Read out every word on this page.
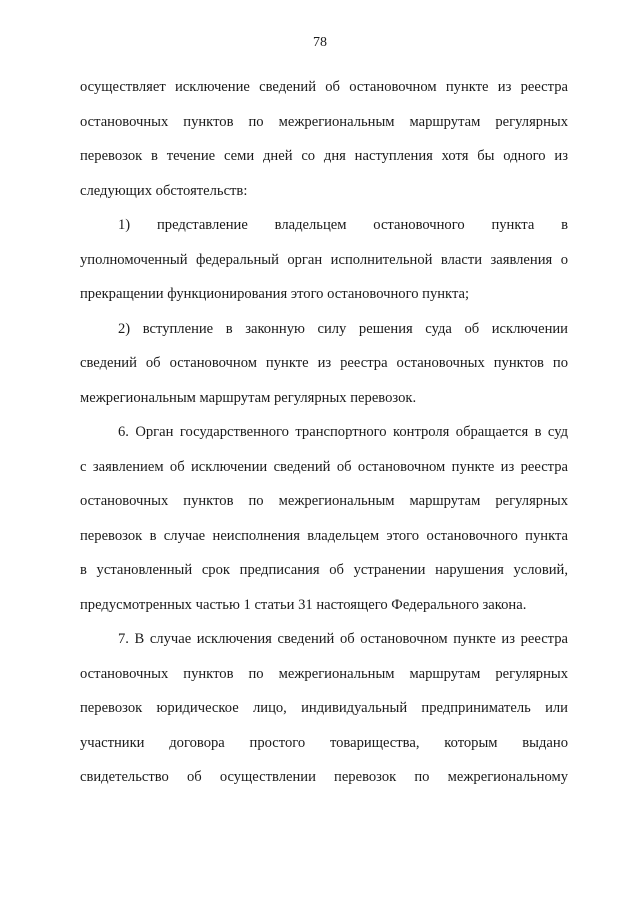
78
осуществляет исключение сведений об остановочном пункте из реестра
остановочных пунктов по межрегиональным маршрутам регулярных
перевозок в течение семи дней со дня наступления хотя бы одного из
следующих обстоятельств:
1) представление владельцем остановочного пункта в
уполномоченный федеральный орган исполнительной власти заявления о
прекращении функционирования этого остановочного пункта;
2) вступление в законную силу решения суда об исключении
сведений об остановочном пункте из реестра остановочных пунктов по
межрегиональным маршрутам регулярных перевозок.
6. Орган государственного транспортного контроля обращается в суд
с заявлением об исключении сведений об остановочном пункте из реестра
остановочных пунктов по межрегиональным маршрутам регулярных
перевозок в случае неисполнения владельцем этого остановочного пункта
в установленный срок предписания об устранении нарушения условий,
предусмотренных частью 1 статьи 31 настоящего Федерального закона.
7. В случае исключения сведений об остановочном пункте из реестра
остановочных пунктов по межрегиональным маршрутам регулярных
перевозок юридическое лицо, индивидуальный предприниматель или
участники договора простого товарищества, которым выдано
свидетельство об осуществлении перевозок по межрегиональному
